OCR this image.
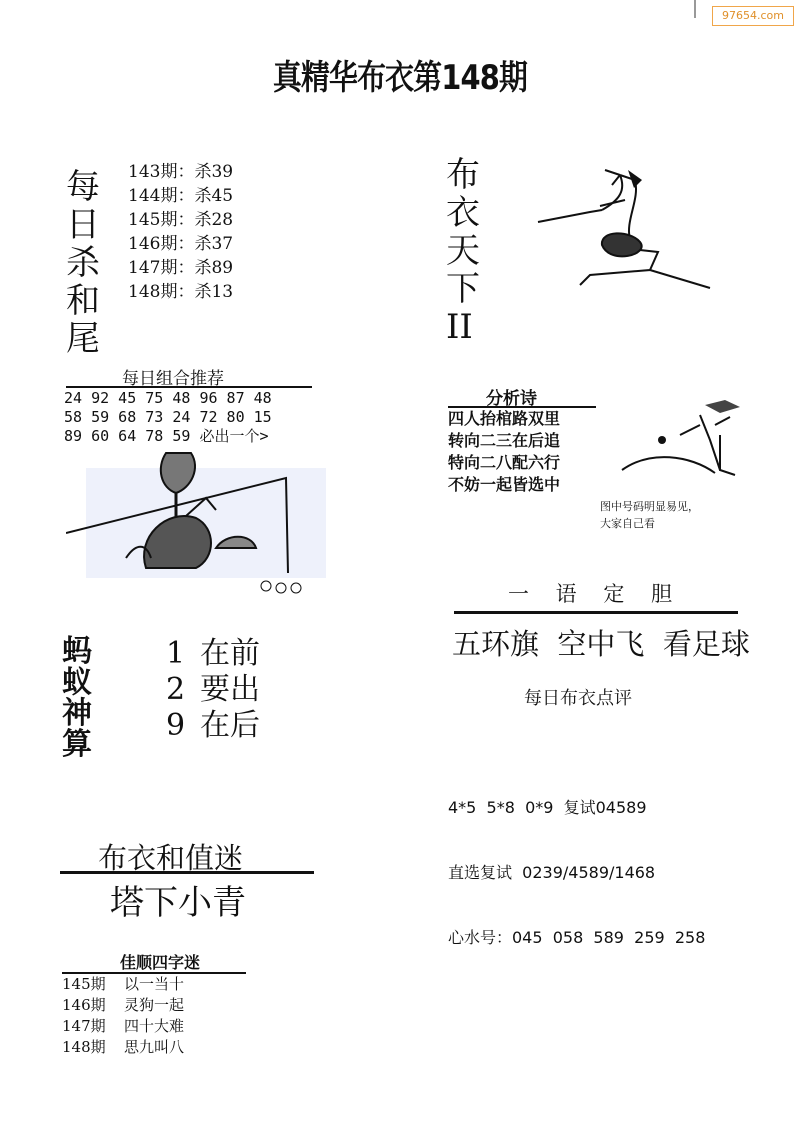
97654.com
真精华布衣第148期
每
日
杀
和
尾
143期：杀39
144期：杀45
145期：杀28
146期：杀37
147期：杀89
148期：杀13
布
衣
天
下
II
每日组合推荐
24 92 45 75 48 96 87 48
58 59 68 73 24 72 80 15
89 60 64 78 59 必出一个>
分析诗
四人抬棺路双里
转向二三在后追
特向二八配六行
不妨一起皆选中
图中号码明显易见，
大家自己看
一 语 定 胆
五环旗  空中飞  看足球
蚂
蚁
神
算
1 在前
2 要出
9 在后
每日布衣点评

4*5  5*8  0*9  复试04589

直选复试  0239/4589/1468

心水号：045  058  589  259  258

布衣和值迷
塔下小青
佳顺四字迷
145期 以一当十
146期 灵狗一起
147期 四十大难
148期 思九叫八
